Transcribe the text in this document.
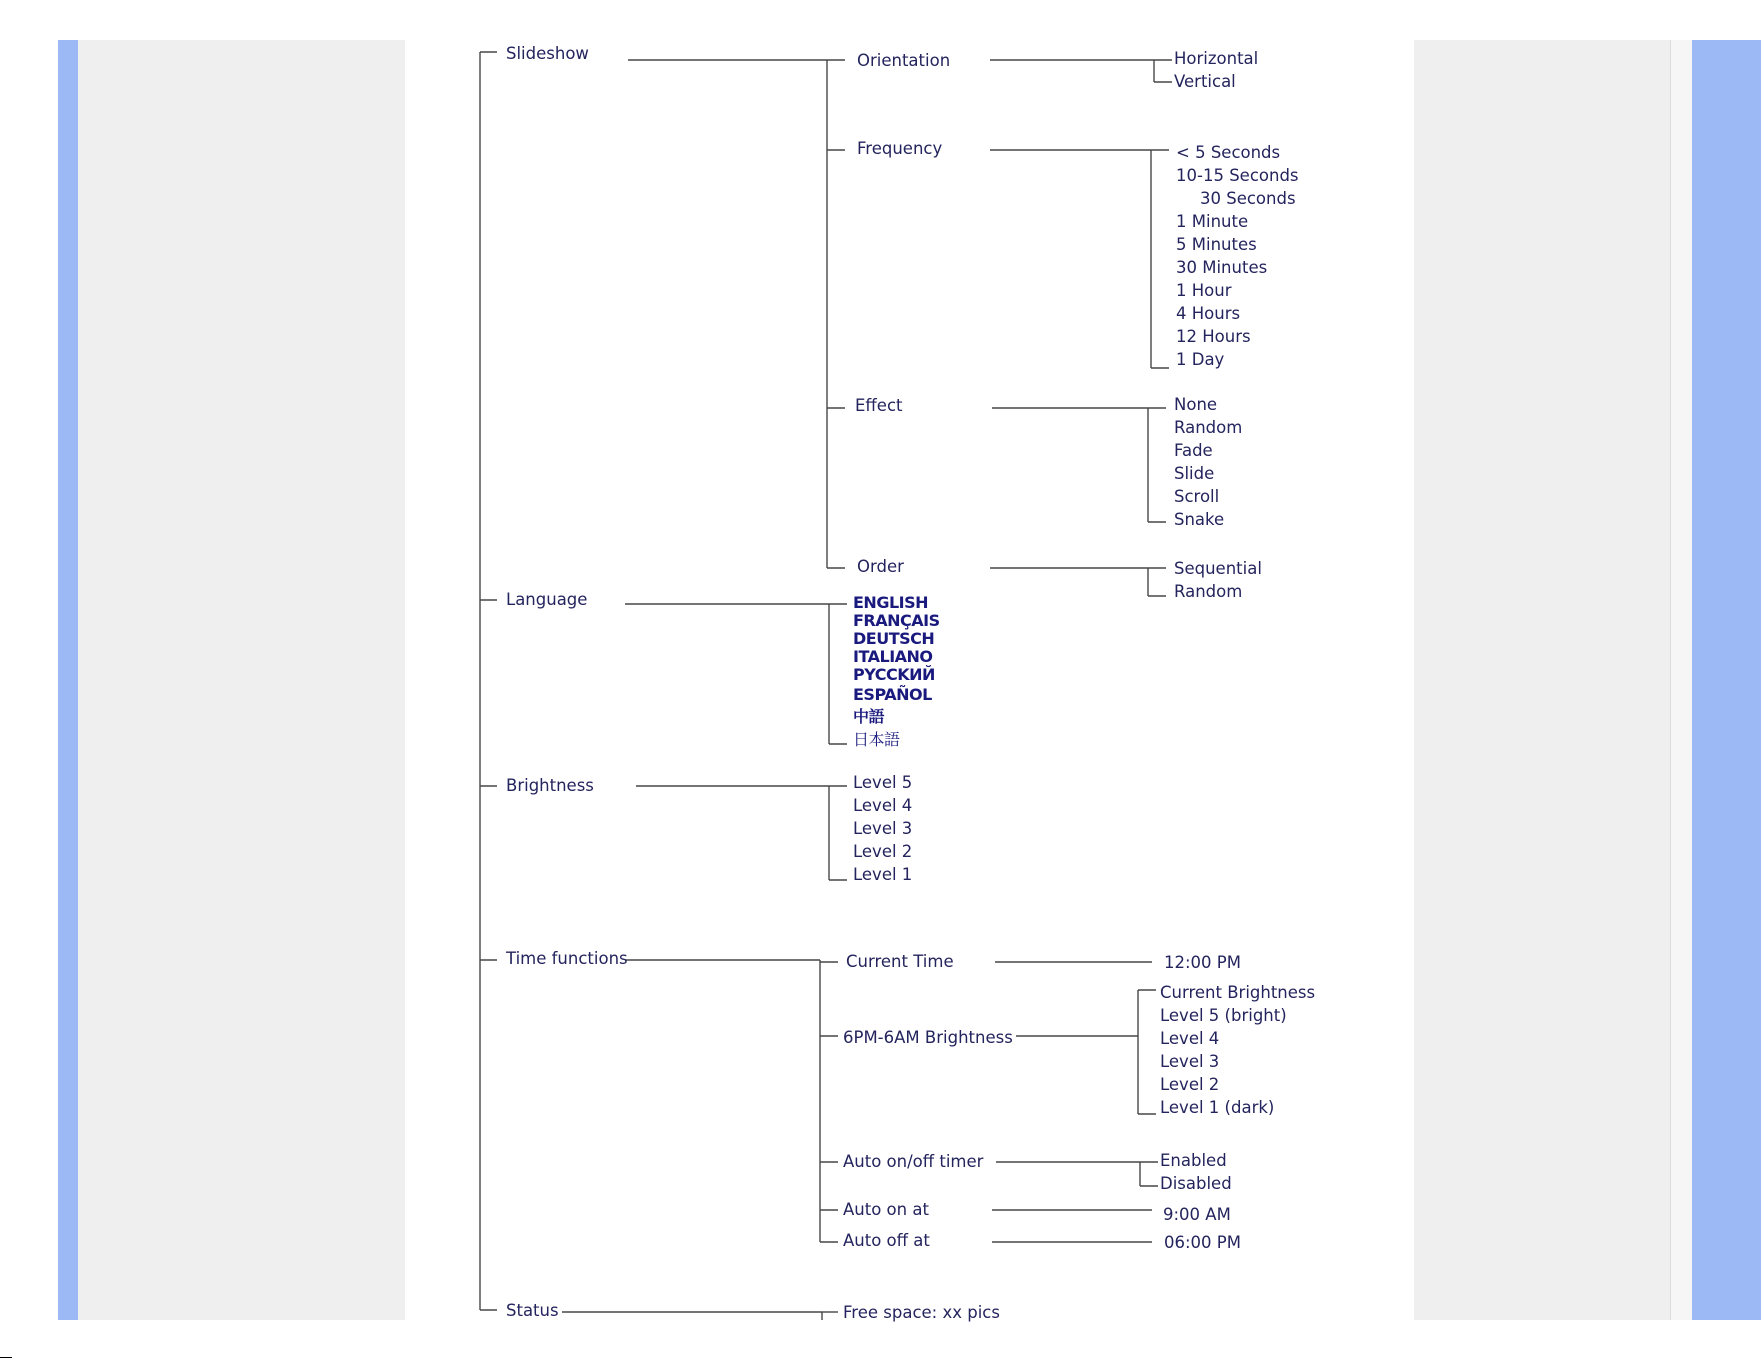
Slideshow
Language
Brightness
Time functions
Status
Orientation
Frequency
Effect
Order
Horizontal
Vertical
< 5 Seconds
10-15 Seconds
30 Seconds
1 Minute
5 Minutes
30 Minutes
1 Hour
4 Hours
12 Hours
1 Day
None
Random
Fade
Slide
Scroll
Snake
Sequential
Random
ENGLISH
FRANÇAIS
DEUTSCH
ITALIANO
PYCCKИЙ
ESPAÑOL
中語
日本語
Level 5
Level 4
Level 3
Level 2
Level 1
Current Time
6PM-6AM Brightness
Auto on/off timer
Auto on at
Auto off at
12:00 PM
Current Brightness
Level 5 (bright)
Level 4
Level 3
Level 2
Level 1 (dark)
Enabled
Disabled
9:00 AM
06:00 PM
Free space: xx pics
